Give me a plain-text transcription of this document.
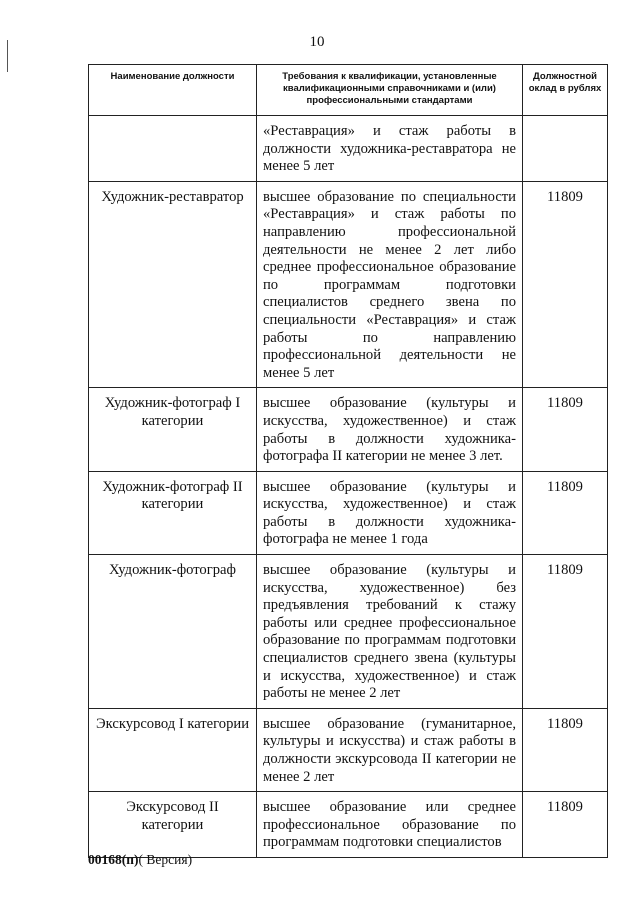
10
Наименование должности	Требования к квалификации, установленные квалификационными справочниками и (или) профессиональными стандартами	Должностной оклад в рублях
	«Реставрация» и стаж работы в должности художника-реставратора не менее 5 лет	
Художник-реставратор	высшее образование по специальности «Реставрация» и стаж работы по направлению профессиональной деятельности не менее 2 лет либо среднее профессиональное образование по программам подготовки специалистов среднего звена по специальности «Реставрация» и стаж работы по направлению профессиональной деятельности не менее 5 лет	11809
Художник-фотограф I категории	высшее образование (культуры и искусства, художественное) и стаж работы в должности художника-фотографа II категории не менее 3 лет.	11809
Художник-фотограф II категории	высшее образование (культуры и искусства, художественное) и стаж работы в должности художника-фотографа не менее 1 года	11809
Художник-фотограф	высшее образование (культуры и искусства, художественное) без предъявления требований к стажу работы или среднее профессиональное образование по программам подготовки специалистов среднего звена (культуры и искусства, художественное) и стаж работы не менее 2 лет	11809
Экскурсовод I категории	высшее образование (гуманитарное, культуры и искусства) и стаж работы в должности экскурсовода II категории не менее 2 лет	11809
Экскурсовод II категории	высшее образование или среднее профессиональное образование по программам подготовки специалистов	11809
00168(п)( Версия)
